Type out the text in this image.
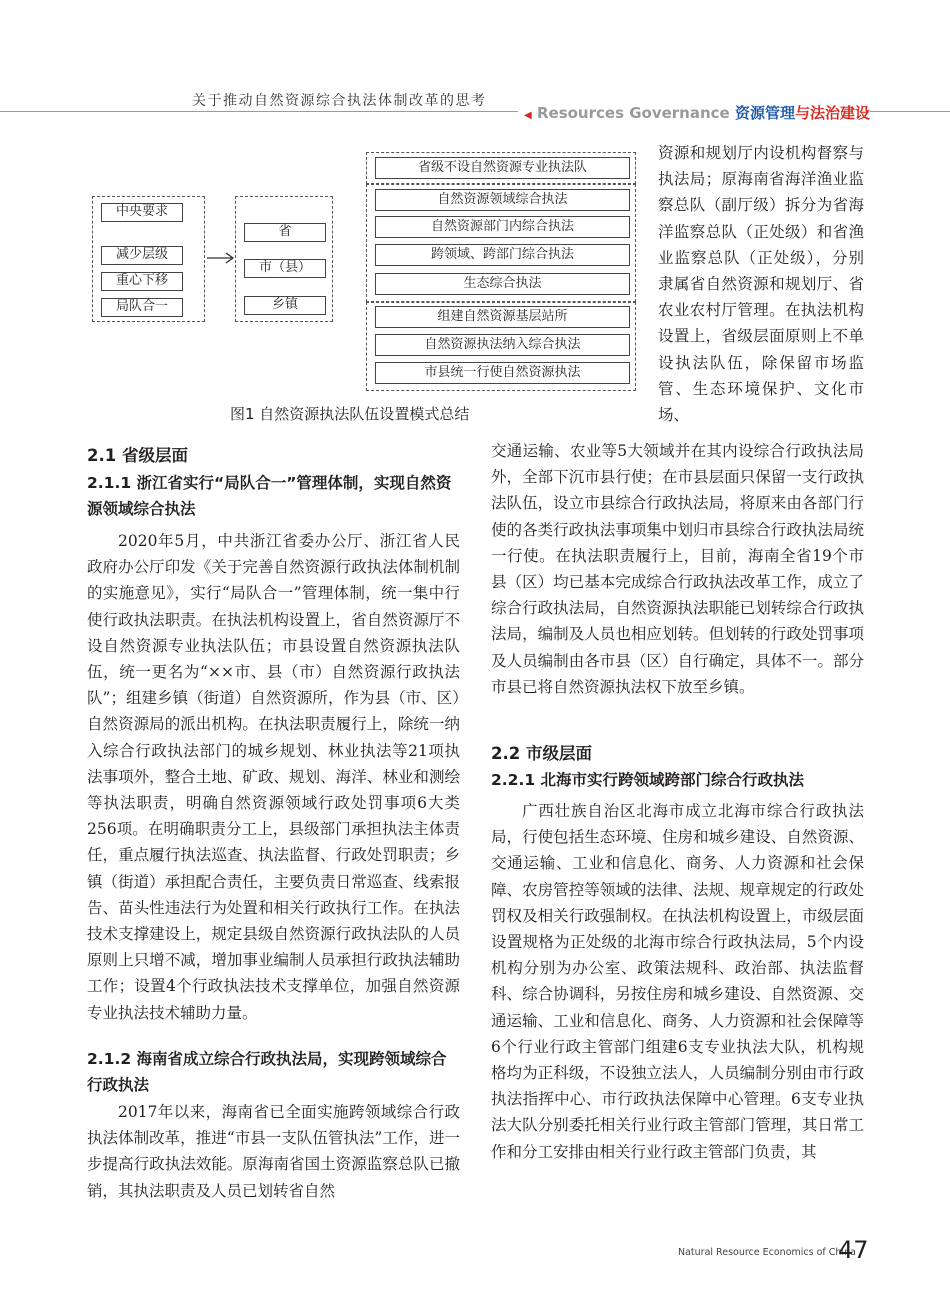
关于推动自然资源综合执法体制改革的思考
◀ Resources Governance 资源管理与法治建设
中央要求
减少层级
重心下移
局队合一
省
市（县）
乡镇
省级不设自然资源专业执法队
自然资源领域综合执法
自然资源部门内综合执法
跨领域、跨部门综合执法
生态综合执法
组建自然资源基层站所
自然资源执法纳入综合执法
市县统一行使自然资源执法
图1 自然资源执法队伍设置模式总结

资源和规划厅内设机构督察与执法局；原海南省海洋渔业监察总队（副厅级）拆分为省海洋监察总队（正处级）和省渔业监察总队（正处级），分别隶属省自然资源和规划厅、省农业农村厅管理。在执法机构设置上，省级层面原则上不单设执法队伍，除保留市场监管、生态环境保护、文化市场、

2.1 省级层面
2.1.1 浙江省实行“局队合一”管理体制，实现自然资源领域综合执法

2020年5月，中共浙江省委办公厅、浙江省人民政府办公厅印发《关于完善自然资源行政执法体制机制的实施意见》，实行“局队合一”管理体制，统一集中行使行政执法职责。在执法机构设置上，省自然资源厅不设自然资源专业执法队伍；市县设置自然资源执法队伍，统一更名为“××市、县（市）自然资源行政执法队”；组建乡镇（街道）自然资源所，作为县（市、区）自然资源局的派出机构。在执法职责履行上，除统一纳入综合行政执法部门的城乡规划、林业执法等21项执法事项外，整合土地、矿政、规划、海洋、林业和测绘等执法职责，明确自然资源领域行政处罚事项6大类256项。在明确职责分工上，县级部门承担执法主体责任，重点履行执法巡查、执法监督、行政处罚职责；乡镇（街道）承担配合责任，主要负责日常巡查、线索报告、苗头性违法行为处置和相关行政执行工作。在执法技术支撑建设上，规定县级自然资源行政执法队的人员原则上只增不减，增加事业编制人员承担行政执法辅助工作；设置4个行政执法技术支撑单位，加强自然资源专业执法技术辅助力量。

2.1.2 海南省成立综合行政执法局，实现跨领域综合行政执法

2017年以来，海南省已全面实施跨领域综合行政执法体制改革，推进“市县一支队伍管执法”工作，进一步提高行政执法效能。原海南省国土资源监察总队已撤销，其执法职责及人员已划转省自然

交通运输、农业等5大领域并在其内设综合行政执法局外，全部下沉市县行使；在市县层面只保留一支行政执法队伍，设立市县综合行政执法局，将原来由各部门行使的各类行政执法事项集中划归市县综合行政执法局统一行使。在执法职责履行上，目前，海南全省19个市县（区）均已基本完成综合行政执法改革工作，成立了综合行政执法局，自然资源执法职能已划转综合行政执法局，编制及人员也相应划转。但划转的行政处罚事项及人员编制由各市县（区）自行确定，具体不一。部分市县已将自然资源执法权下放至乡镇。

2.2 市级层面
2.2.1 北海市实行跨领域跨部门综合行政执法

广西壮族自治区北海市成立北海市综合行政执法局，行使包括生态环境、住房和城乡建设、自然资源、交通运输、工业和信息化、商务、人力资源和社会保障、农房管控等领域的法律、法规、规章规定的行政处罚权及相关行政强制权。在执法机构设置上，市级层面设置规格为正处级的北海市综合行政执法局，5个内设机构分别为办公室、政策法规科、政治部、执法监督科、综合协调科，另按住房和城乡建设、自然资源、交通运输、工业和信息化、商务、人力资源和社会保障等6个行业行政主管部门组建6支专业执法大队，机构规格均为正科级，不设独立法人，人员编制分别由市行政执法指挥中心、市行政执法保障中心管理。6支专业执法大队分别委托相关行业行政主管部门管理，其日常工作和分工安排由相关行业行政主管部门负责，其

Natural Resource Economics of China
47
